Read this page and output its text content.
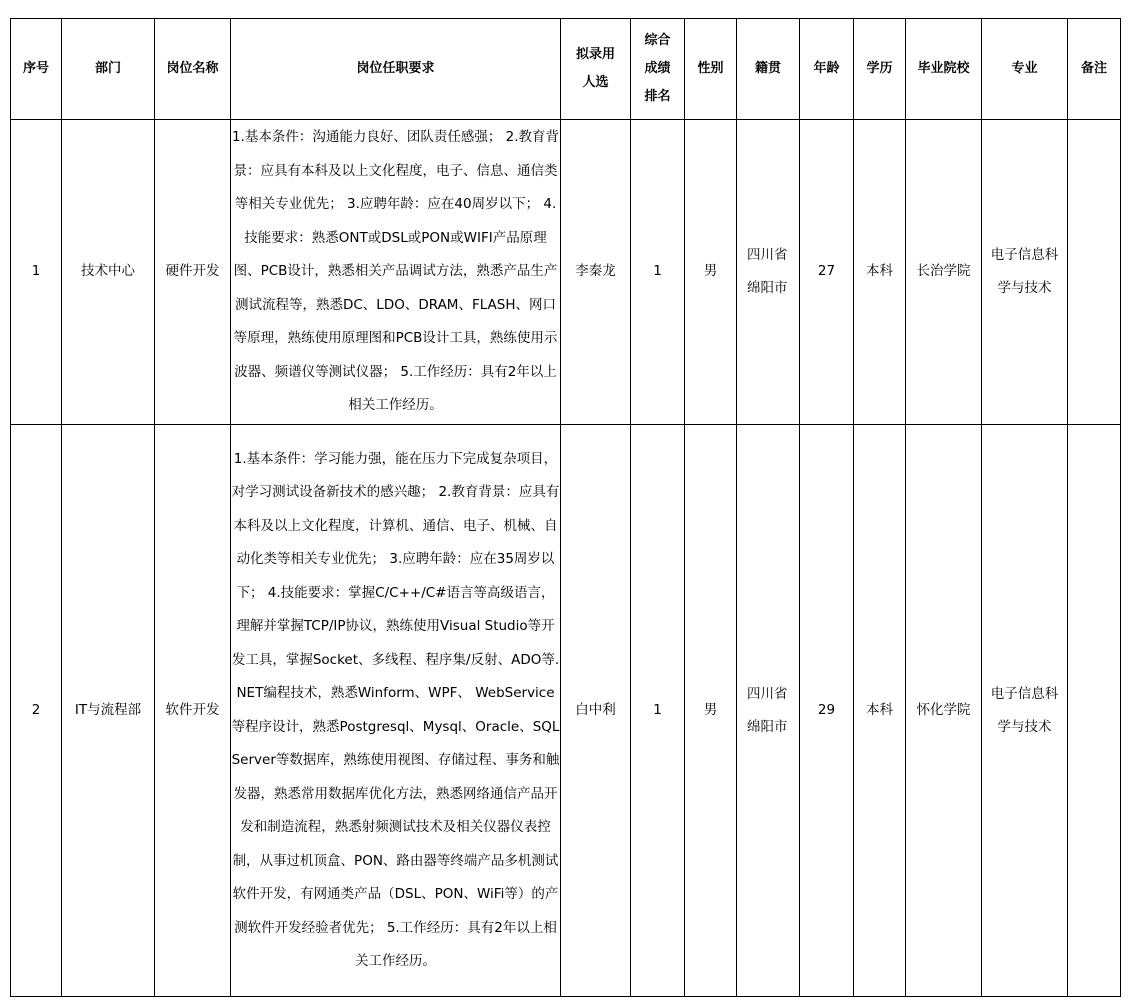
序号	部门	岗位名称	岗位任职要求	拟录用人选	综合成绩排名	性别	籍贯	年龄	学历	毕业院校	专业	备注
1	技术中心	硬件开发	1.基本条件：沟通能力良好、团队责任感强； 2.教育背景：应具有本科及以上文化程度，电子、信息、通信类等相关专业优先； 3.应聘年龄：应在40周岁以下； 4.技能要求：熟悉ONT或DSL或PON或WIFI产品原理图、PCB设计，熟悉相关产品调试方法，熟悉产品生产测试流程等，熟悉DC、LDO、DRAM、FLASH、网口等原理，熟练使用原理图和PCB设计工具，熟练使用示波器、频谱仪等测试仪器； 5.工作经历：具有2年以上相关工作经历。	李秦龙	1	男	四川省绵阳市	27	本科	长治学院	电子信息科学与技术	
2	IT与流程部	软件开发	1.基本条件：学习能力强，能在压力下完成复杂项目，对学习测试设备新技术的感兴趣； 2.教育背景：应具有本科及以上文化程度，计算机、通信、电子、机械、自动化类等相关专业优先； 3.应聘年龄：应在35周岁以下； 4.技能要求：掌握C/C++/C#语言等高级语言，理解并掌握TCP/IP协议，熟练使用Visual Studio等开发工具，掌握Socket、多线程、程序集/反射、ADO等.NET编程技术，熟悉Winform、WPF、 WebService 等程序设计，熟悉Postgresql、Mysql、Oracle、SQL Server等数据库，熟练使用视图、存储过程、事务和触发器，熟悉常用数据库优化方法，熟悉网络通信产品开发和制造流程，熟悉射频测试技术及相关仪器仪表控制，从事过机顶盒、PON、路由器等终端产品多机测试软件开发，有网通类产品（DSL、PON、WiFi等）的产测软件开发经验者优先； 5.工作经历：具有2年以上相关工作经历。	白中利	1	男	四川省绵阳市	29	本科	怀化学院	电子信息科学与技术	
